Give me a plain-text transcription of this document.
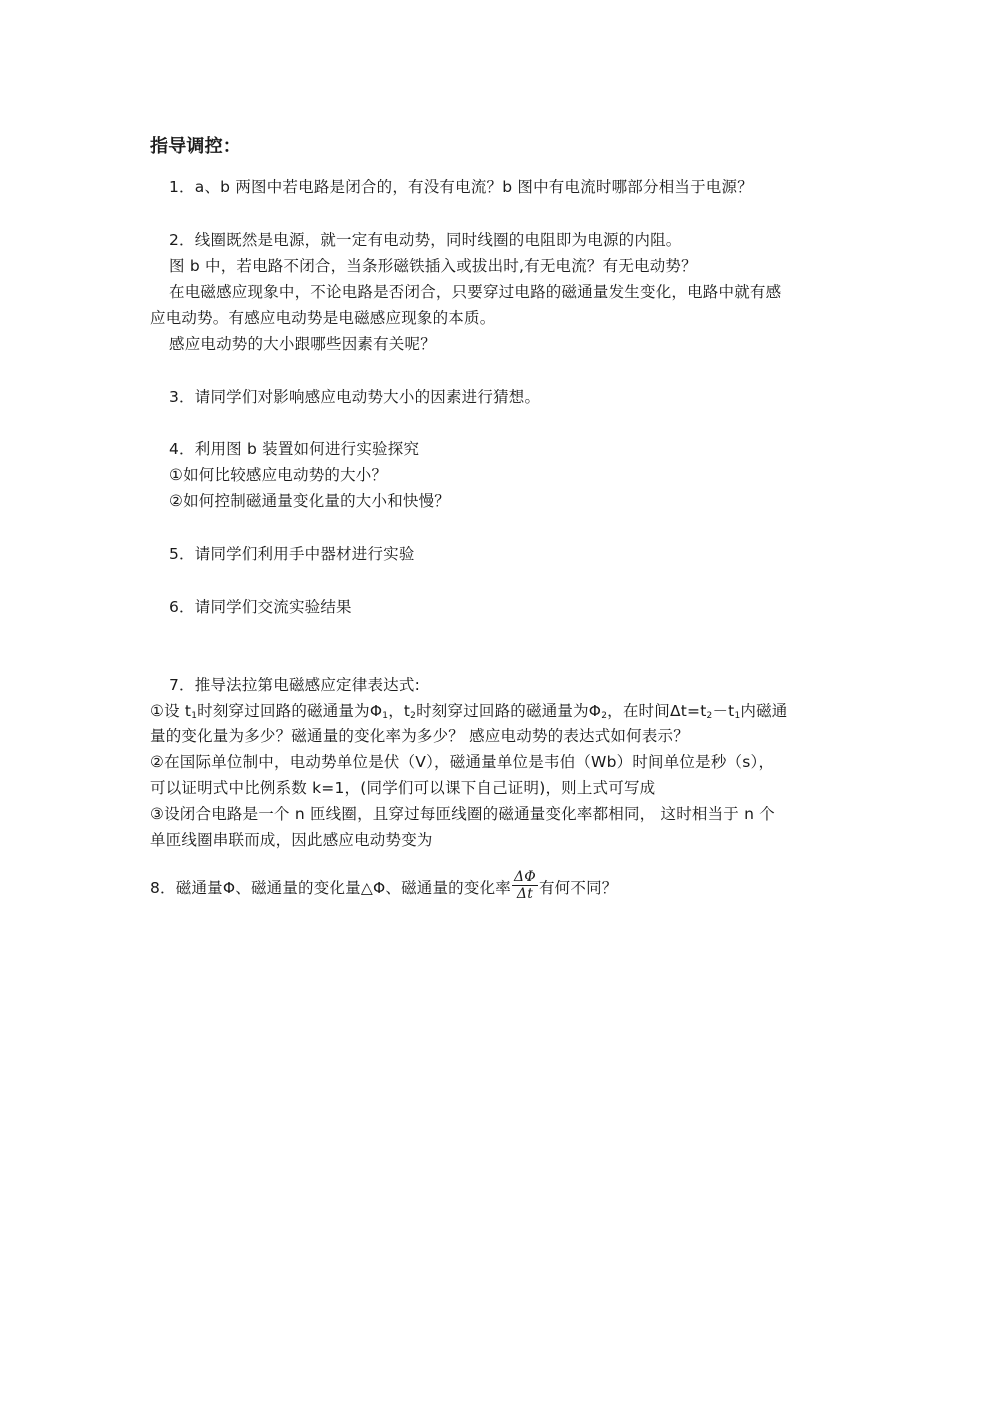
指导调控：
1．a、b 两图中若电路是闭合的，有没有电流？b 图中有电流时哪部分相当于电源？
2．线圈既然是电源，就一定有电动势，同时线圈的电阻即为电源的内阻。
图 b 中，若电路不闭合，当条形磁铁插入或拔出时,有无电流？有无电动势？
在电磁感应现象中，不论电路是否闭合，只要穿过电路的磁通量发生变化，电路中就有感
应电动势。有感应电动势是电磁感应现象的本质。
感应电动势的大小跟哪些因素有关呢？
3．请同学们对影响感应电动势大小的因素进行猜想。
4．利用图 b 装置如何进行实验探究
①如何比较感应电动势的大小？
②如何控制磁通量变化量的大小和快慢？
5．请同学们利用手中器材进行实验
6．请同学们交流实验结果
7．推导法拉第电磁感应定律表达式:
①设 $t_1$时刻穿过回路的磁通量为$\Phi_1$，$t_2$时刻穿过回路的磁通量为$\Phi_2$，在时间$\Delta t=t_2-t_1$内磁通
量的变化量为多少？磁通量的变化率为多少？ 感应电动势的表达式如何表示？
②在国际单位制中，电动势单位是伏（V），磁通量单位是韦伯（Wb）时间单位是秒（s），
可以证明式中比例系数 k=1，(同学们可以课下自己证明)，则上式可写成
③设闭合电路是一个 n 匝线圈，且穿过每匝线圈的磁通量变化率都相同， 这时相当于 n 个
单匝线圈串联而成，因此感应电动势变为
8．磁通量Φ、磁通量的变化量△Φ、磁通量的变化率 $\frac{\Delta\Phi}{\Delta t}$ 有何不同？
